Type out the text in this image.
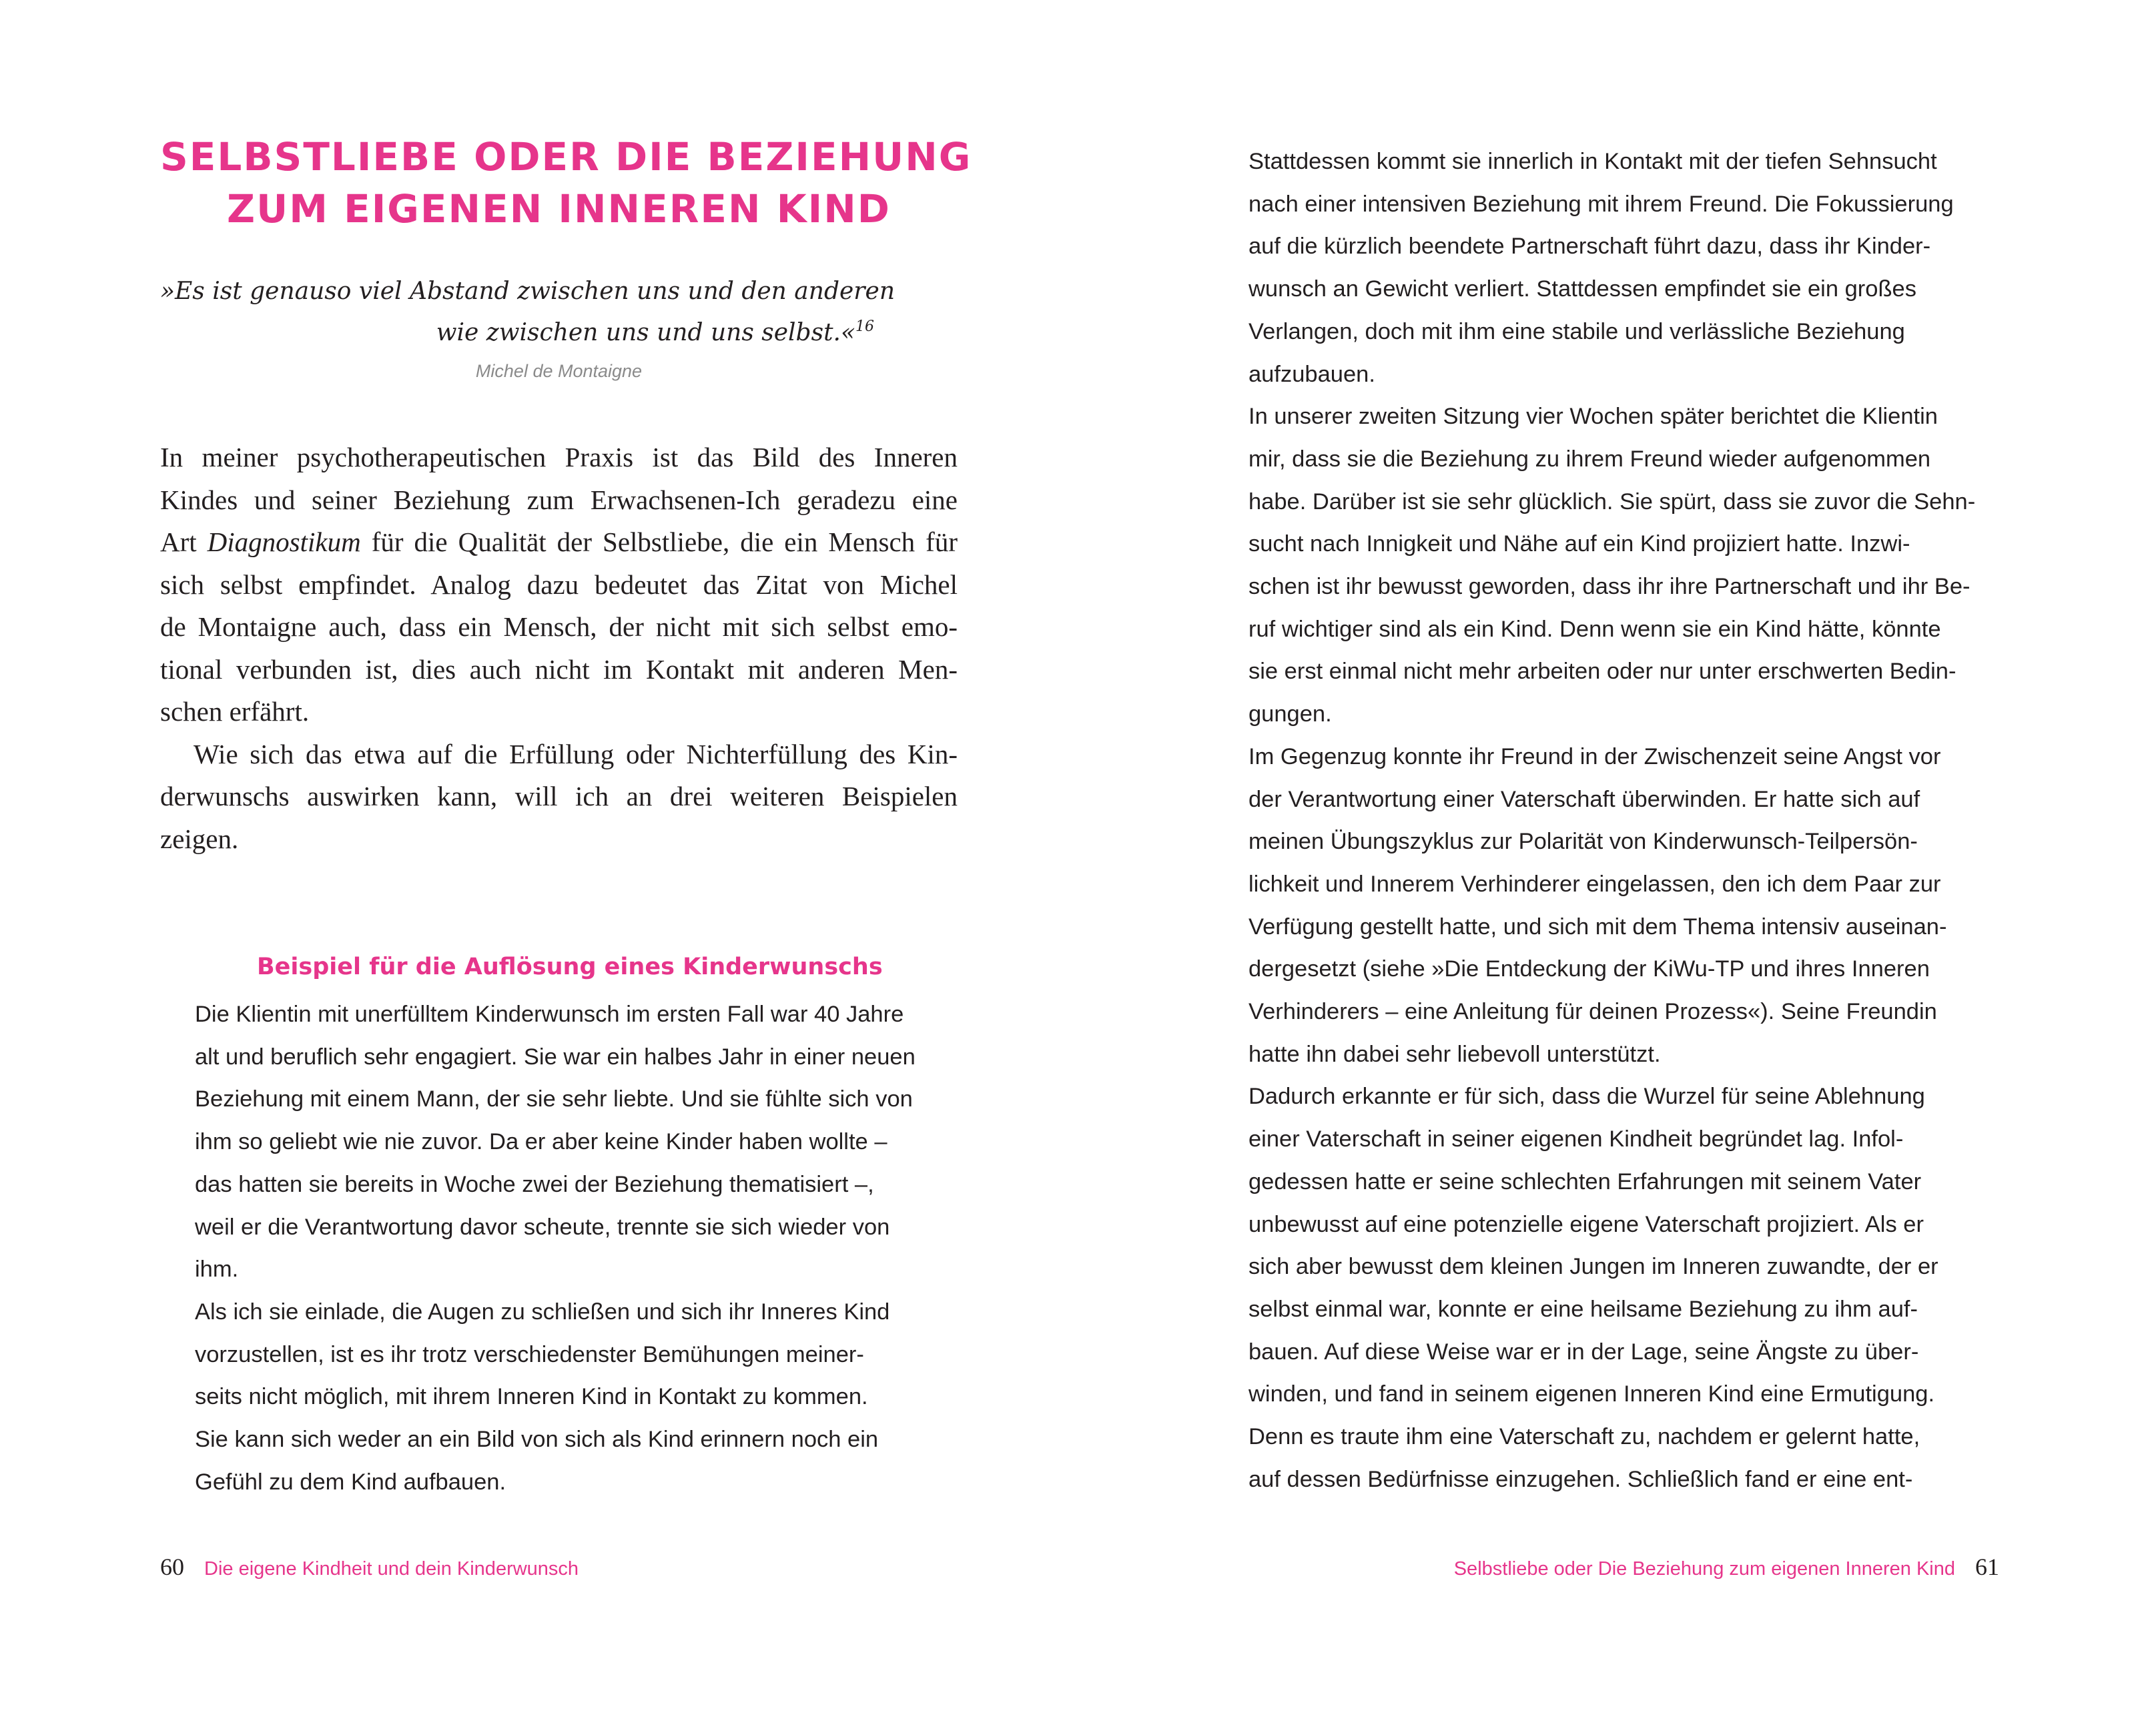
SELBSTLIEBE ODER DIE BEZIEHUNG
ZUM EIGENEN INNEREN KIND
»Es ist genauso viel Abstand zwischen uns und den anderen
wie zwischen uns und uns selbst.«$^{16}$
Michel de Montaigne
In meiner psychotherapeutischen Praxis ist das Bild des Inneren
Kindes und seiner Beziehung zum Erwachsenen-Ich geradezu eine
Art Diagnostikum für die Qualität der Selbstliebe, die ein Mensch für
sich selbst empfindet. Analog dazu bedeutet das Zitat von Michel
de Montaigne auch, dass ein Mensch, der nicht mit sich selbst emo-
tional verbunden ist, dies auch nicht im Kontakt mit anderen Men-
schen erfährt.
Wie sich das etwa auf die Erfüllung oder Nichterfüllung des Kin-
derwunschs auswirken kann, will ich an drei weiteren Beispielen
zeigen.
Beispiel für die Auflösung eines Kinderwunschs
Die Klientin mit unerfülltem Kinderwunsch im ersten Fall war 40 Jahre
alt und beruflich sehr engagiert. Sie war ein halbes Jahr in einer neuen
Beziehung mit einem Mann, der sie sehr liebte. Und sie fühlte sich von
ihm so geliebt wie nie zuvor. Da er aber keine Kinder haben wollte –
das hatten sie bereits in Woche zwei der Beziehung thematisiert –,
weil er die Verantwortung davor scheute, trennte sie sich wieder von
ihm.
Als ich sie einlade, die Augen zu schließen und sich ihr Inneres Kind
vorzustellen, ist es ihr trotz verschiedenster Bemühungen meiner-
seits nicht möglich, mit ihrem Inneren Kind in Kontakt zu kommen.
Sie kann sich weder an ein Bild von sich als Kind erinnern noch ein
Gefühl zu dem Kind aufbauen.
60 Die eigene Kindheit und dein Kinderwunsch
Stattdessen kommt sie innerlich in Kontakt mit der tiefen Sehnsucht
nach einer intensiven Beziehung mit ihrem Freund. Die Fokussierung
auf die kürzlich beendete Partnerschaft führt dazu, dass ihr Kinder-
wunsch an Gewicht verliert. Stattdessen empfindet sie ein großes
Verlangen, doch mit ihm eine stabile und verlässliche Beziehung
aufzubauen.
In unserer zweiten Sitzung vier Wochen später berichtet die Klientin
mir, dass sie die Beziehung zu ihrem Freund wieder aufgenommen
habe. Darüber ist sie sehr glücklich. Sie spürt, dass sie zuvor die Sehn-
sucht nach Innigkeit und Nähe auf ein Kind projiziert hatte. Inzwi-
schen ist ihr bewusst geworden, dass ihr ihre Partnerschaft und ihr Be-
ruf wichtiger sind als ein Kind. Denn wenn sie ein Kind hätte, könnte
sie erst einmal nicht mehr arbeiten oder nur unter erschwerten Bedin-
gungen.
Im Gegenzug konnte ihr Freund in der Zwischenzeit seine Angst vor
der Verantwortung einer Vaterschaft überwinden. Er hatte sich auf
meinen Übungszyklus zur Polarität von Kinderwunsch-Teilpersön-
lichkeit und Innerem Verhinderer eingelassen, den ich dem Paar zur
Verfügung gestellt hatte, und sich mit dem Thema intensiv auseinan-
dergesetzt (siehe »Die Entdeckung der KiWu-TP und ihres Inneren
Verhinderers – eine Anleitung für deinen Prozess«). Seine Freundin
hatte ihn dabei sehr liebevoll unterstützt.
Dadurch erkannte er für sich, dass die Wurzel für seine Ablehnung
einer Vaterschaft in seiner eigenen Kindheit begründet lag. Infol-
gedessen hatte er seine schlechten Erfahrungen mit seinem Vater
unbewusst auf eine potenzielle eigene Vaterschaft projiziert. Als er
sich aber bewusst dem kleinen Jungen im Inneren zuwandte, der er
selbst einmal war, konnte er eine heilsame Beziehung zu ihm auf-
bauen. Auf diese Weise war er in der Lage, seine Ängste zu über-
winden, und fand in seinem eigenen Inneren Kind eine Ermutigung.
Denn es traute ihm eine Vaterschaft zu, nachdem er gelernt hatte,
auf dessen Bedürfnisse einzugehen. Schließlich fand er eine ent-
Selbstliebe oder Die Beziehung zum eigenen Inneren Kind 61
